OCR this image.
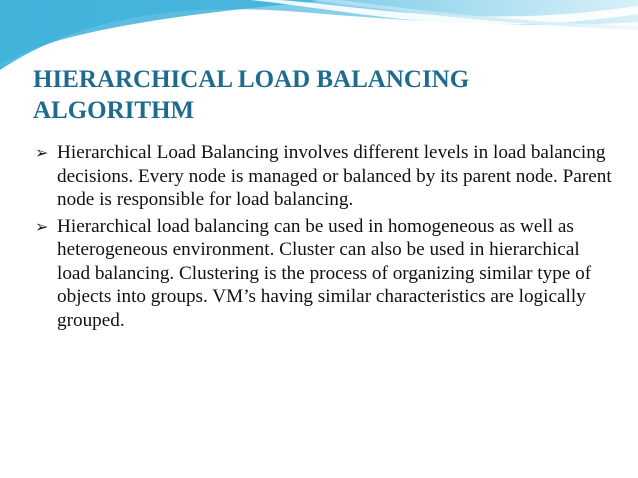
HIERARCHICAL LOAD BALANCING
ALGORITHM
➢ Hierarchical Load Balancing involves different levels in load balancing decisions. Every node is managed or balanced by its parent node. Parent node is responsible for load balancing.
➢ Hierarchical load balancing can be used in homogeneous as well as heterogeneous environment. Cluster can also be used in hierarchical load balancing. Clustering is the process of organizing similar type of objects into groups. VM’s having similar characteristics are logically grouped.
